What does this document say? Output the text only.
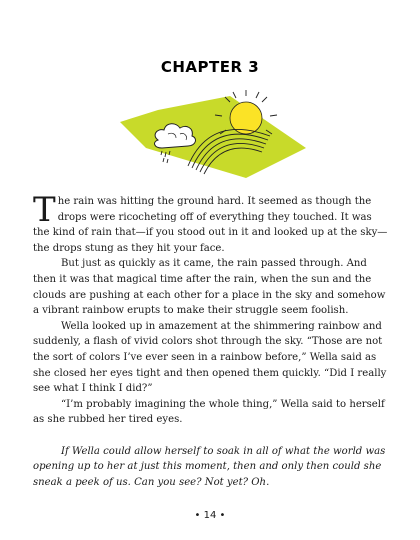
CHAPTER 3

The rain was hitting the ground hard. It seemed as though the drops were ricocheting off of everything they touched. It was the kind of rain that—if you stood out in it and looked up at the sky—the drops stung as they hit your face.

But just as quickly as it came, the rain passed through. And then it was that magical time after the rain, when the sun and the clouds are pushing at each other for a place in the sky and somehow a vibrant rainbow erupts to make their struggle seem foolish.

Wella looked up in amazement at the shimmering rainbow and suddenly, a flash of vivid colors shot through the sky. “Those are not the sort of colors I’ve ever seen in a rainbow before,” Wella said as she closed her eyes tight and then opened them quickly. “Did I really see what I think I did?”

“I’m probably imagining the whole thing,” Wella said to herself as she rubbed her tired eyes.

If Wella could allow herself to soak in all of what the world was opening up to her at just this moment, then and only then could she sneak a peek of us. Can you see? Not yet? Oh.

• 14 •
